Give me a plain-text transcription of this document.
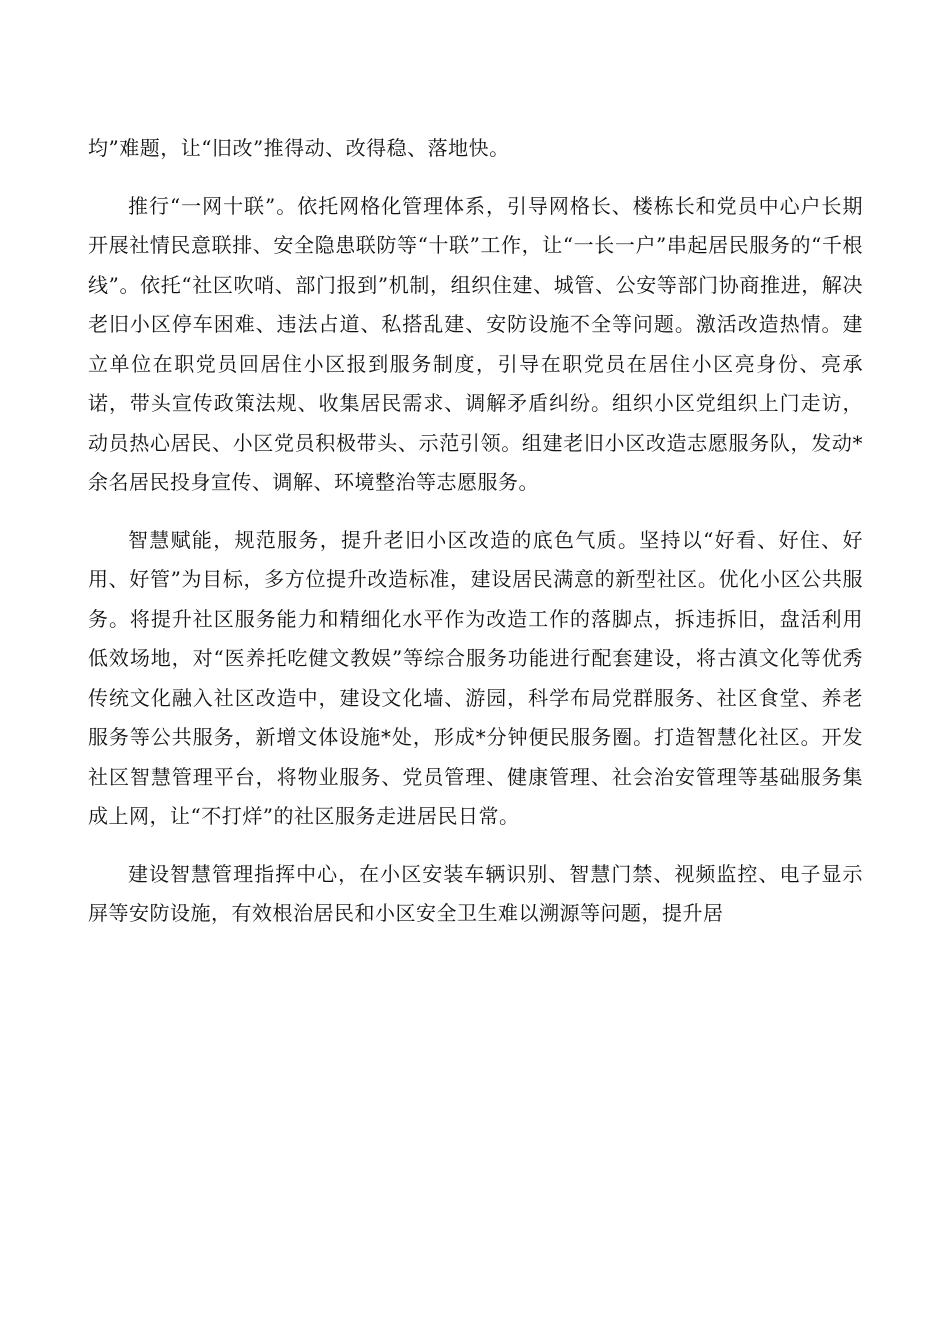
均”难题，让“旧改”推得动、改得稳、落地快。

推行“一网十联”。依托网格化管理体系，引导网格长、楼栋长和党员中心户长期开展社情民意联排、安全隐患联防等“十联”工作，让“一长一户”串起居民服务的“千根线”。依托“社区吹哨、部门报到”机制，组织住建、城管、公安等部门协商推进，解决老旧小区停车困难、违法占道、私搭乱建、安防设施不全等问题。激活改造热情。建立单位在职党员回居住小区报到服务制度，引导在职党员在居住小区亮身份、亮承诺，带头宣传政策法规、收集居民需求、调解矛盾纠纷。组织小区党组织上门走访，动员热心居民、小区党员积极带头、示范引领。组建老旧小区改造志愿服务队，发动*余名居民投身宣传、调解、环境整治等志愿服务。

智慧赋能，规范服务，提升老旧小区改造的底色气质。坚持以“好看、好住、好用、好管”为目标，多方位提升改造标准，建设居民满意的新型社区。优化小区公共服务。将提升社区服务能力和精细化水平作为改造工作的落脚点，拆违拆旧，盘活利用低效场地，对“医养托吃健文教娱”等综合服务功能进行配套建设，将古滇文化等优秀传统文化融入社区改造中，建设文化墙、游园，科学布局党群服务、社区食堂、养老服务等公共服务，新增文体设施*处，形成*分钟便民服务圈。打造智慧化社区。开发社区智慧管理平台，将物业服务、党员管理、健康管理、社会治安管理等基础服务集成上网，让“不打烊”的社区服务走进居民日常。

建设智慧管理指挥中心，在小区安装车辆识别、智慧门禁、视频监控、电子显示屏等安防设施，有效根治居民和小区安全卫生难以溯源等问题，提升居
